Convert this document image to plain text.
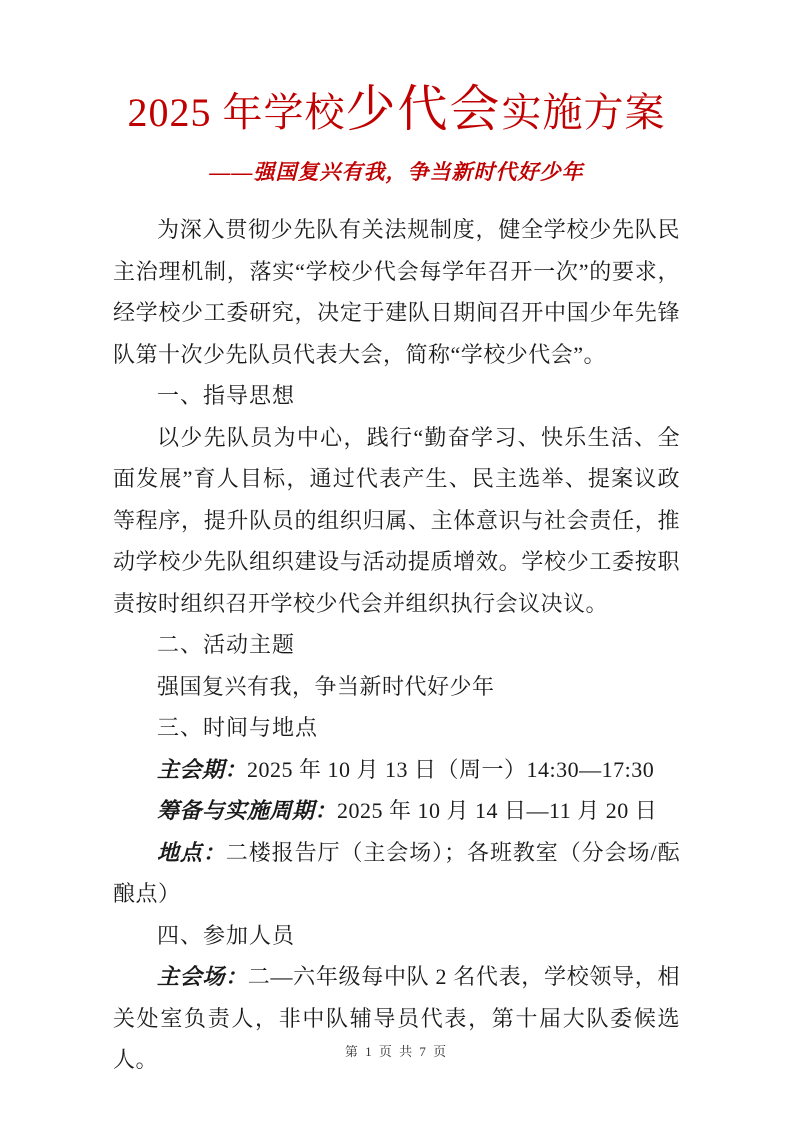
2025 年学校少代会实施方案
——强国复兴有我，争当新时代好少年

为深入贯彻少先队有关法规制度，健全学校少先队民主治理机制，落实“学校少代会每学年召开一次”的要求，经学校少工委研究，决定于建队日期间召开中国少年先锋队第十次少先队员代表大会，简称“学校少代会”。

一、指导思想

以少先队员为中心，践行“勤奋学习、快乐生活、全面发展”育人目标，通过代表产生、民主选举、提案议政等程序，提升队员的组织归属、主体意识与社会责任，推动学校少先队组织建设与活动提质增效。学校少工委按职责按时组织召开学校少代会并组织执行会议决议。

二、活动主题

强国复兴有我，争当新时代好少年

三、时间与地点

主会期：2025 年 10 月 13 日（周一）14:30—17:30

筹备与实施周期：2025 年 10 月 14 日—11 月 20 日

地点：二楼报告厅（主会场）；各班教室（分会场/酝酿点）

四、参加人员

主会场：二—六年级每中队 2 名代表，学校领导，相关处室负责人，非中队辅导员代表，第十届大队委候选人。	第 1 页 共 7 页
